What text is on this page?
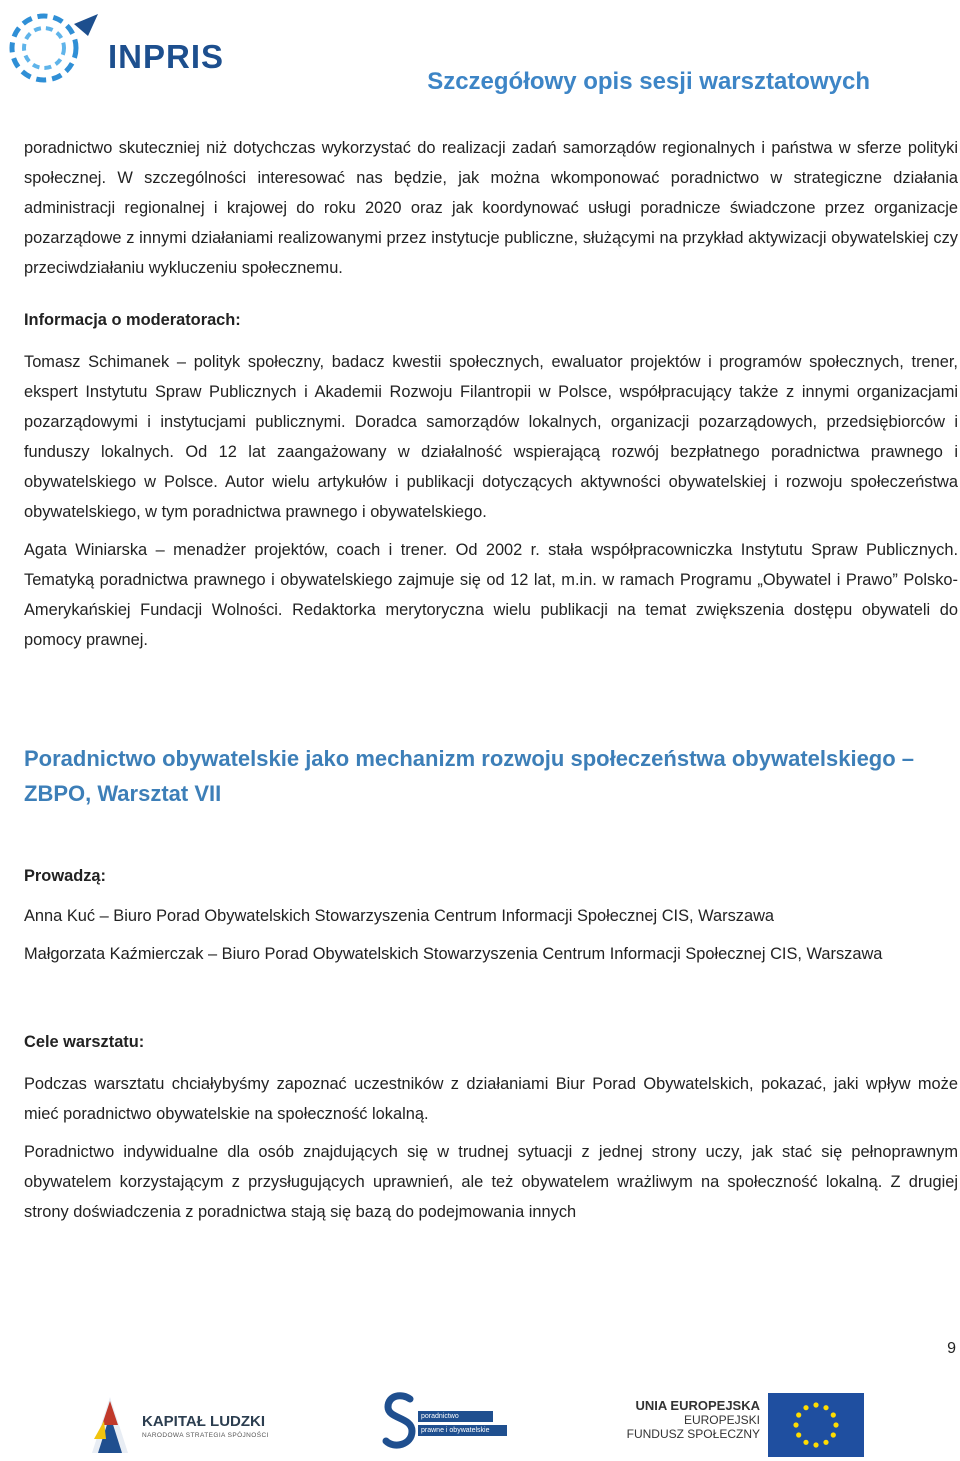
INPRIS
Szczegółowy opis sesji warsztatowych

poradnictwo skuteczniej niż dotychczas wykorzystać do realizacji zadań samorządów regionalnych i państwa w sferze polityki społecznej. W szczególności interesować nas będzie, jak można wkomponować poradnictwo w strategiczne działania administracji regionalnej i krajowej do roku 2020 oraz jak koordynować usługi poradnicze świadczone przez organizacje pozarządowe z innymi działaniami realizowanymi przez instytucje publiczne, służącymi na przykład aktywizacji obywatelskiej czy przeciwdziałaniu wykluczeniu społecznemu.

Informacja o moderatorach:

Tomasz Schimanek – polityk społeczny, badacz kwestii społecznych, ewaluator projektów i programów społecznych, trener, ekspert Instytutu Spraw Publicznych i Akademii Rozwoju Filantropii w Polsce, współpracujący także z innymi organizacjami pozarządowymi i instytucjami publicznymi. Doradca samorządów lokalnych, organizacji pozarządowych, przedsiębiorców i funduszy lokalnych. Od 12 lat zaangażowany w działalność wspierającą rozwój bezpłatnego poradnictwa prawnego i obywatelskiego w Polsce. Autor wielu artykułów i publikacji dotyczących aktywności obywatelskiej i rozwoju społeczeństwa obywatelskiego, w tym poradnictwa prawnego i obywatelskiego.

Agata Winiarska – menadżer projektów, coach i trener. Od 2002 r. stała współpracowniczka Instytutu Spraw Publicznych. Tematyką poradnictwa prawnego i obywatelskiego zajmuje się od 12 lat, m.in. w ramach Programu „Obywatel i Prawo” Polsko-Amerykańskiej Fundacji Wolności. Redaktorka merytoryczna wielu publikacji na temat zwiększenia dostępu obywateli do pomocy prawnej.

Poradnictwo obywatelskie jako mechanizm rozwoju społeczeństwa obywatelskiego – ZBPO, Warsztat VII
Prowadzą:

Anna Kuć – Biuro Porad Obywatelskich Stowarzyszenia Centrum Informacji Społecznej CIS, Warszawa

Małgorzata Kaźmierczak – Biuro Porad Obywatelskich Stowarzyszenia Centrum Informacji Społecznej CIS, Warszawa

Cele warsztatu:

Podczas warsztatu chciałybyśmy zapoznać uczestników z działaniami Biur Porad Obywatelskich, pokazać, jaki wpływ może mieć poradnictwo obywatelskie na społeczność lokalną.

Poradnictwo indywidualne dla osób znajdujących się w trudnej sytuacji z jednej strony uczy, jak stać się pełnoprawnym obywatelem korzystającym z przysługujących uprawnień, ale też obywatelem wrażliwym na społeczność lokalną. Z drugiej strony doświadczenia z poradnictwa stają się bazą do podejmowania innych

9
KAPITAŁ LUDZKI
NARODOWA STRATEGIA SPÓJNOŚCI
poradnictwo
prawne i obywatelskie
UNIA EUROPEJSKA
EUROPEJSKI
FUNDUSZ SPOŁECZNY
